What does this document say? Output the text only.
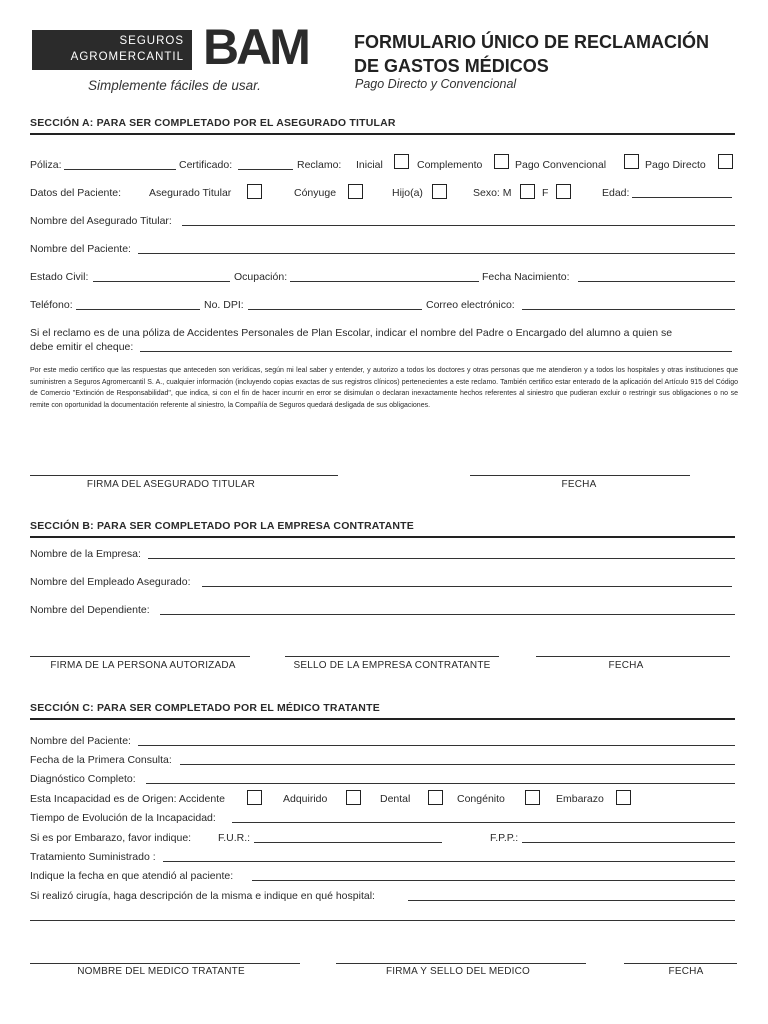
SEGUROS
AGROMERCANTIL BAM
Simplemente fáciles de usar.
FORMULARIO ÚNICO DE RECLAMACIÓN
DE GASTOS MÉDICOS
Pago Directo y Convencional
SECCIÓN A: PARA SER COMPLETADO POR EL ASEGURADO TITULAR
Póliza:	Certificado:	Reclamo: Inicial	Complemento	Pago Convencional	Pago Directo
Datos del Paciente:	Asegurado Titular	Cónyuge	Hijo(a)	Sexo: M	F	Edad:
Nombre del Asegurado Titular:
Nombre del Paciente:
Estado Civil:	Ocupación:	Fecha Nacimiento:
Teléfono:	No. DPI:	Correo electrónico:
Si el reclamo es de una póliza de Accidentes Personales de Plan Escolar, indicar el nombre del Padre o Encargado del alumno a quien se
debe emitir el cheque:
Por este medio certifico que las respuestas que anteceden son verídicas, según mi leal saber y entender, y autorizo a todos los doctores y otras personas que me atendieron y a todos los hospitales y otras instituciones que suministren a Seguros Agromercantil S. A., cualquier información (incluyendo copias exactas de sus registros clínicos) pertenecientes a este reclamo. También certifico estar enterado de la aplicación del Artículo 915 del Código de Comercio "Extinción de Responsabilidad", que indica, si con el fin de hacer incurrir en error se disimulan o declaran inexactamente hechos referentes al siniestro que pudieran excluir o restringir sus obligaciones o no se remite con oportunidad la documentación referente al siniestro, la Compañía de Seguros quedará desligada de sus obligaciones.
FIRMA DEL ASEGURADO TITULAR	FECHA
SECCIÓN B: PARA SER COMPLETADO POR LA EMPRESA CONTRATANTE
Nombre de la Empresa:
Nombre del Empleado Asegurado:
Nombre del Dependiente:
FIRMA DE LA PERSONA AUTORIZADA	SELLO DE LA EMPRESA CONTRATANTE	FECHA
SECCIÓN C: PARA SER COMPLETADO POR EL MÉDICO TRATANTE
Nombre del Paciente:
Fecha de la Primera Consulta:
Diagnóstico Completo:
Esta Incapacidad es de Origen: Accidente	Adquirido	Dental	Congénito	Embarazo
Tiempo de Evolución de la Incapacidad:
Si es por Embarazo, favor indique:	F.U.R.:	F.P.P.:
Tratamiento Suministrado :
Indique la fecha en que atendió al paciente:
Si realizó cirugía, haga descripción de la misma e indique en qué hospital:
NOMBRE DEL MEDICO TRATANTE	FIRMA Y SELLO DEL MEDICO	FECHA
